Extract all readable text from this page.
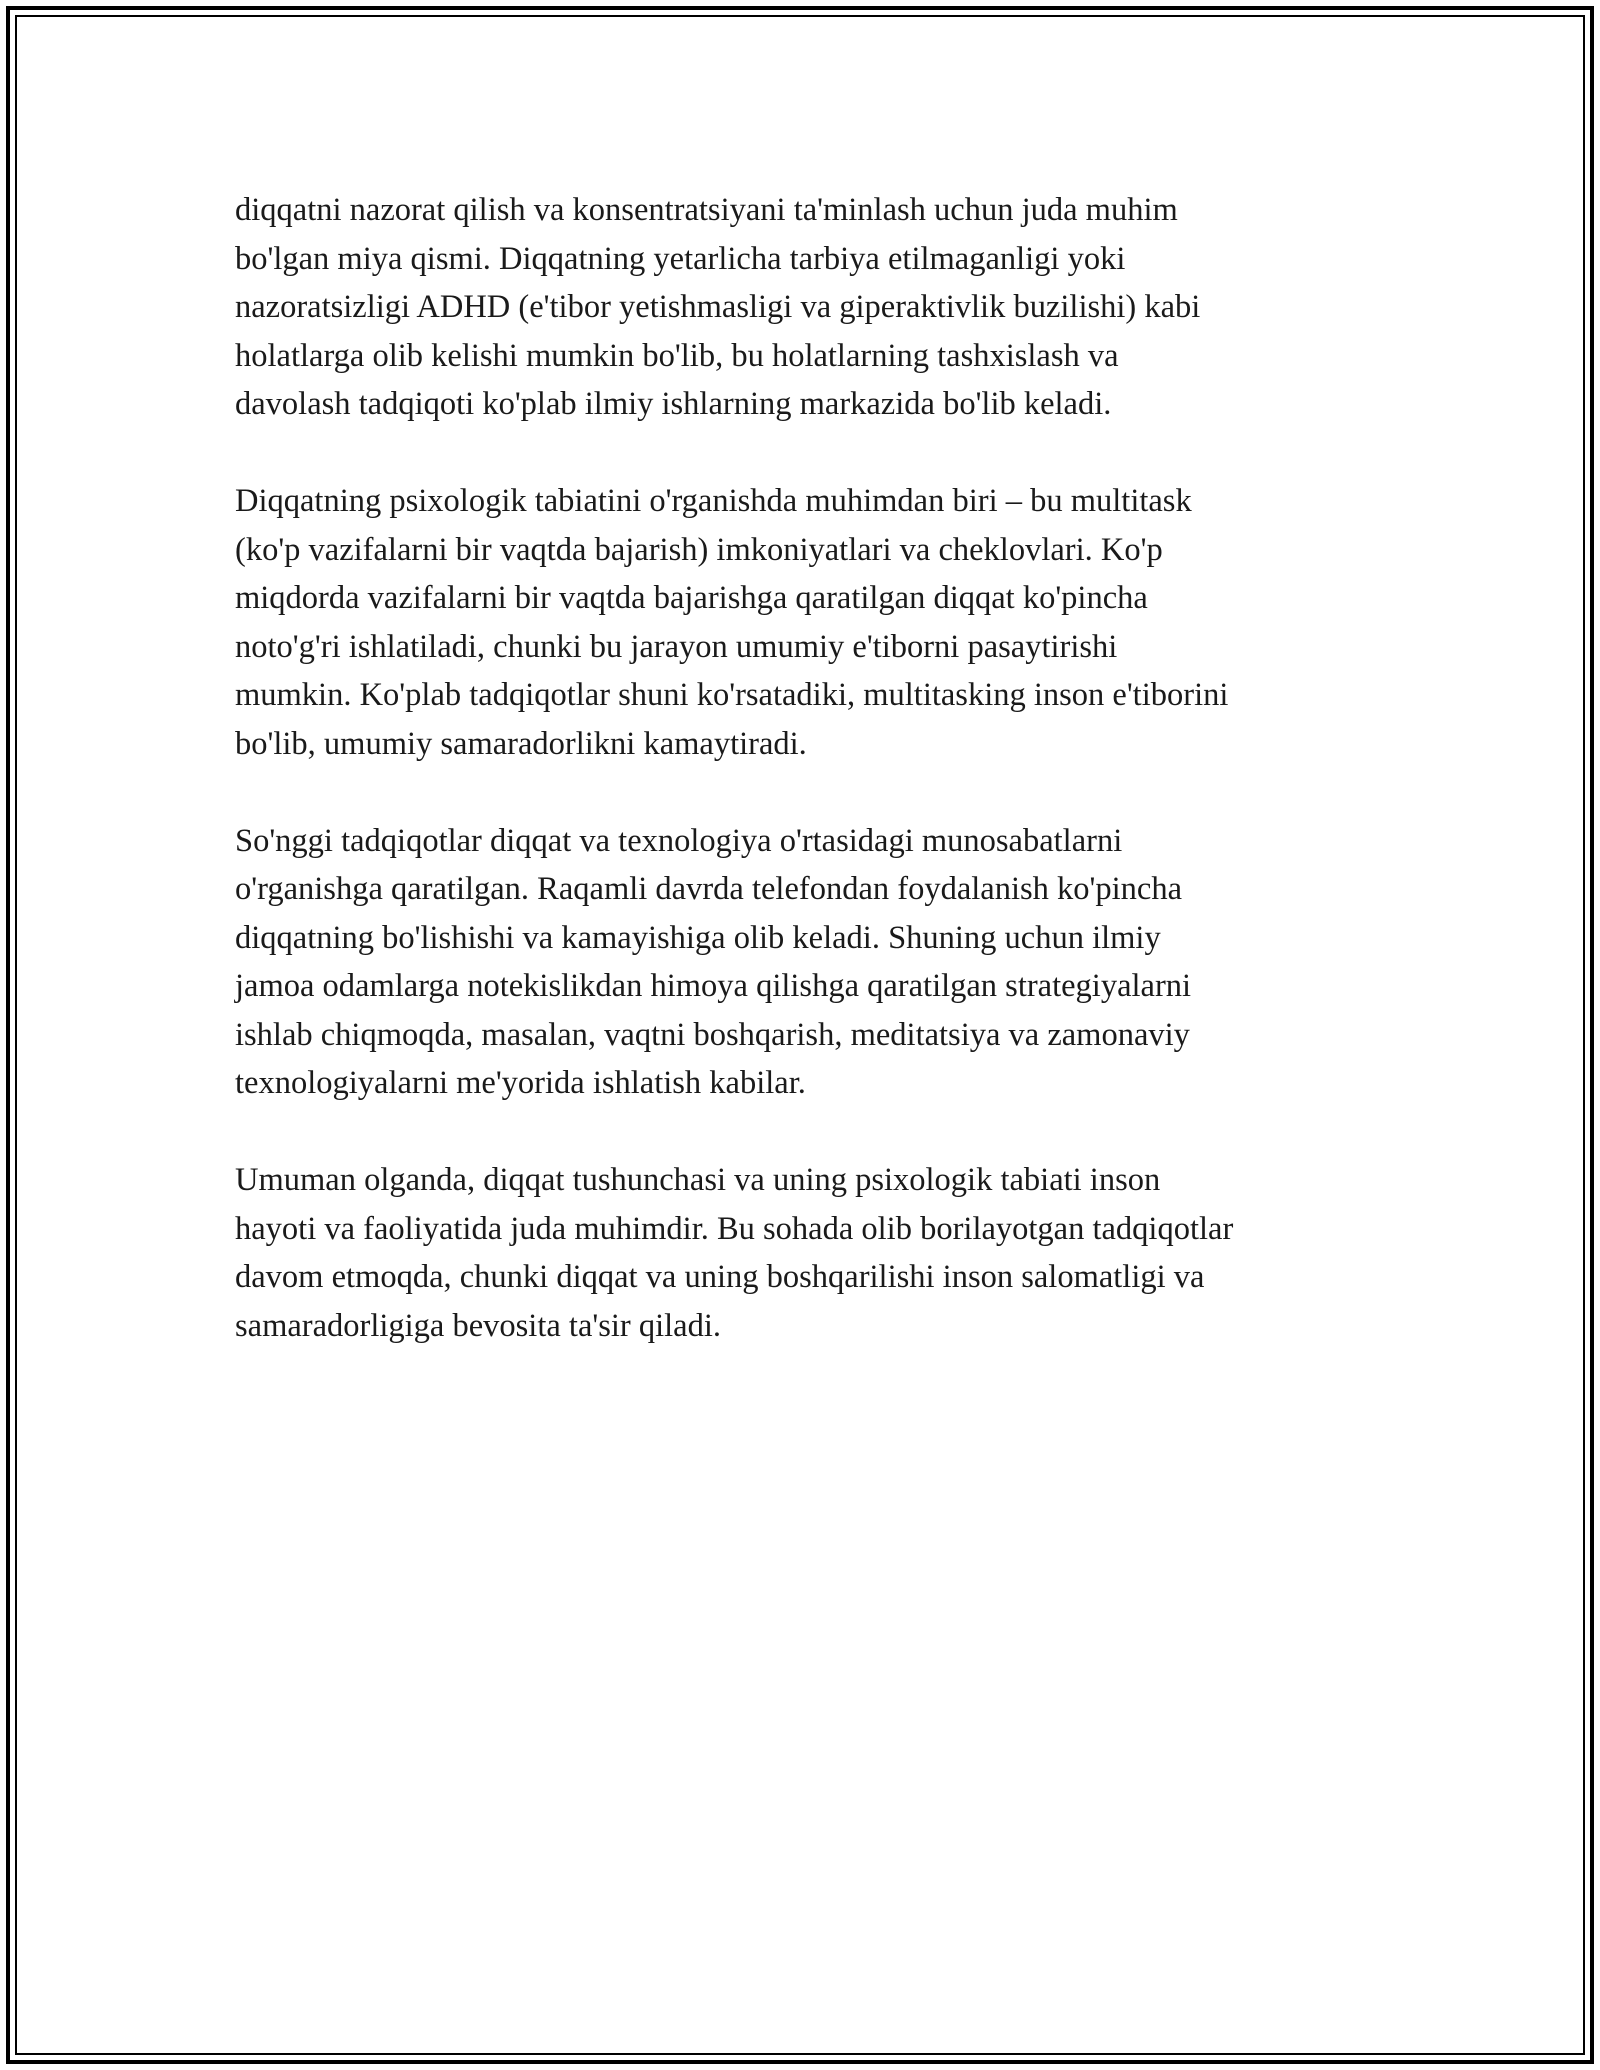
diqqatni nazorat qilish va konsentratsiyani ta'minlash uchun juda muhim
bo'lgan miya qismi. Diqqatning yetarlicha tarbiya etilmaganligi yoki
nazoratsizligi ADHD (e'tibor yetishmasligi va giperaktivlik buzilishi) kabi
holatlarga olib kelishi mumkin bo'lib, bu holatlarning tashxislash va
davolash tadqiqoti ko'plab ilmiy ishlarning markazida bo'lib keladi.

Diqqatning psixologik tabiatini o'rganishda muhimdan biri – bu multitask
(ko'p vazifalarni bir vaqtda bajarish) imkoniyatlari va cheklovlari. Ko'p
miqdorda vazifalarni bir vaqtda bajarishga qaratilgan diqqat ko'pincha
noto'g'ri ishlatiladi, chunki bu jarayon umumiy e'tiborni pasaytirishi
mumkin. Ko'plab tadqiqotlar shuni ko'rsatadiki, multitasking inson e'tiborini
bo'lib, umumiy samaradorlikni kamaytiradi.

So'nggi tadqiqotlar diqqat va texnologiya o'rtasidagi munosabatlarni
o'rganishga qaratilgan. Raqamli davrda telefondan foydalanish ko'pincha
diqqatning bo'lishishi va kamayishiga olib keladi. Shuning uchun ilmiy
jamoa odamlarga notekislikdan himoya qilishga qaratilgan strategiyalarni
ishlab chiqmoqda, masalan, vaqtni boshqarish, meditatsiya va zamonaviy
texnologiyalarni me'yorida ishlatish kabilar.

Umuman olganda, diqqat tushunchasi va uning psixologik tabiati inson
hayoti va faoliyatida juda muhimdir. Bu sohada olib borilayotgan tadqiqotlar
davom etmoqda, chunki diqqat va uning boshqarilishi inson salomatligi va
samaradorligiga bevosita ta'sir qiladi.
